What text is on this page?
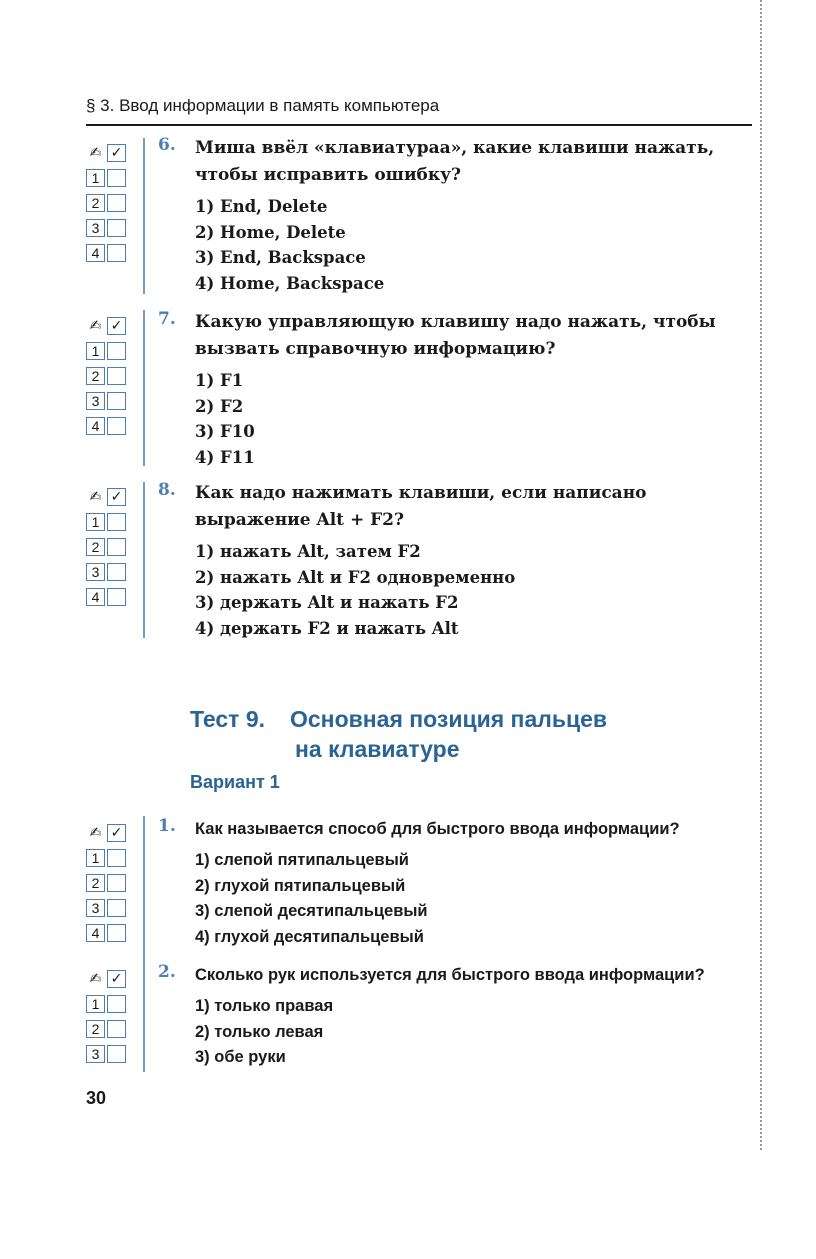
§ 3. Ввод информации в память компьютера
✍ ✓
1
2
3
4
6. Миша ввёл «клавиатураа», какие клавиши нажать, чтобы исправить ошибку?
1) End, Delete
2) Home, Delete
3) End, Backspace
4) Home, Backspace
✍ ✓
1
2
3
4
7. Какую управляющую клавишу надо нажать, чтобы вызвать справочную информацию?
1) F1
2) F2
3) F10
4) F11
✍ ✓
1
2
3
4
8. Как надо нажимать клавиши, если написано выражение Alt + F2?
1) нажать Alt, затем F2
2) нажать Alt и F2 одновременно
3) держать Alt и нажать F2
4) держать F2 и нажать Alt
Тест 9. Основная позиция пальцев
на клавиатуре
Вариант 1
✍ ✓
1
2
3
4
1. Как называется способ для быстрого ввода информации?
1) слепой пятипальцевый
2) глухой пятипальцевый
3) слепой десятипальцевый
4) глухой десятипальцевый
✍ ✓
1
2
3
2. Сколько рук используется для быстрого ввода информации?
1) только правая
2) только левая
3) обе руки
30
